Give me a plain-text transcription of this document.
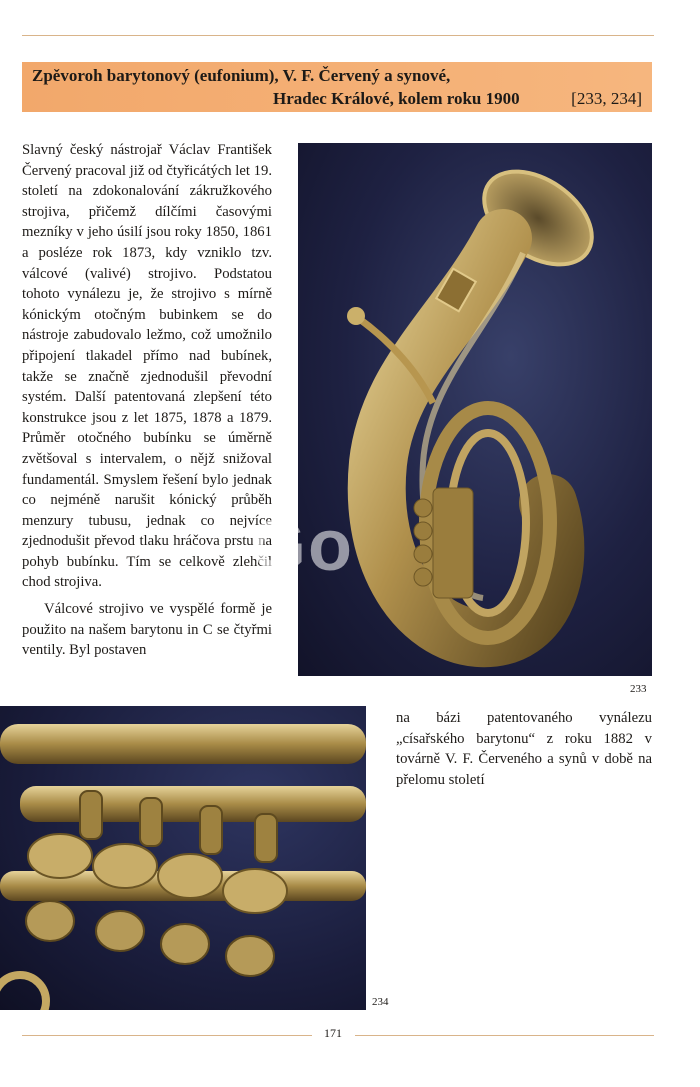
Zpěvoroh barytonový (eufonium), V. F. Červený a synové,
Hradec Králové, kolem roku 1900	[233, 234]

Slavný český nástrojař Václav František Červený pracoval již od čtyřicátých let 19. století na zdokonalování zákružkového strojiva, přičemž dílčími časovými mezníky v jeho úsilí jsou roky 1850, 1861 a posléze rok 1873, kdy vzniklo tzv. válcové (valivé) strojivo. Podstatou tohoto vynálezu je, že strojivo s mírně kónickým otočným bubinkem se do nástroje zabudovalo ležmo, což umožnilo připojení tlakadel přímo nad bubínek, takže se značně zjednodušil převodní systém. Další patentovaná zlepšení této konstrukce jsou z let 1875, 1878 a 1879. Průměr otočného bubínku se úměrně zvětšoval s intervalem, o nějž snižoval fundamentál. Smyslem řešení bylo jednak co nejméně narušit kónický průběh menzury tubusu, jednak co nejvíce zjednodušit převod tlaku hráčova prstu na pohyb bubínku. Tím se celkově zlehčil chod strojiva.

Válcové strojivo ve vyspělé formě je použito na našem barytonu in C se čtyřmi ventily. Byl postaven

233
234
na bázi patentovaného vynálezu „císařského barytonu“ z roku 1882 v továrně V. F. Červeného a synů v době na přelomu století
Go
171
